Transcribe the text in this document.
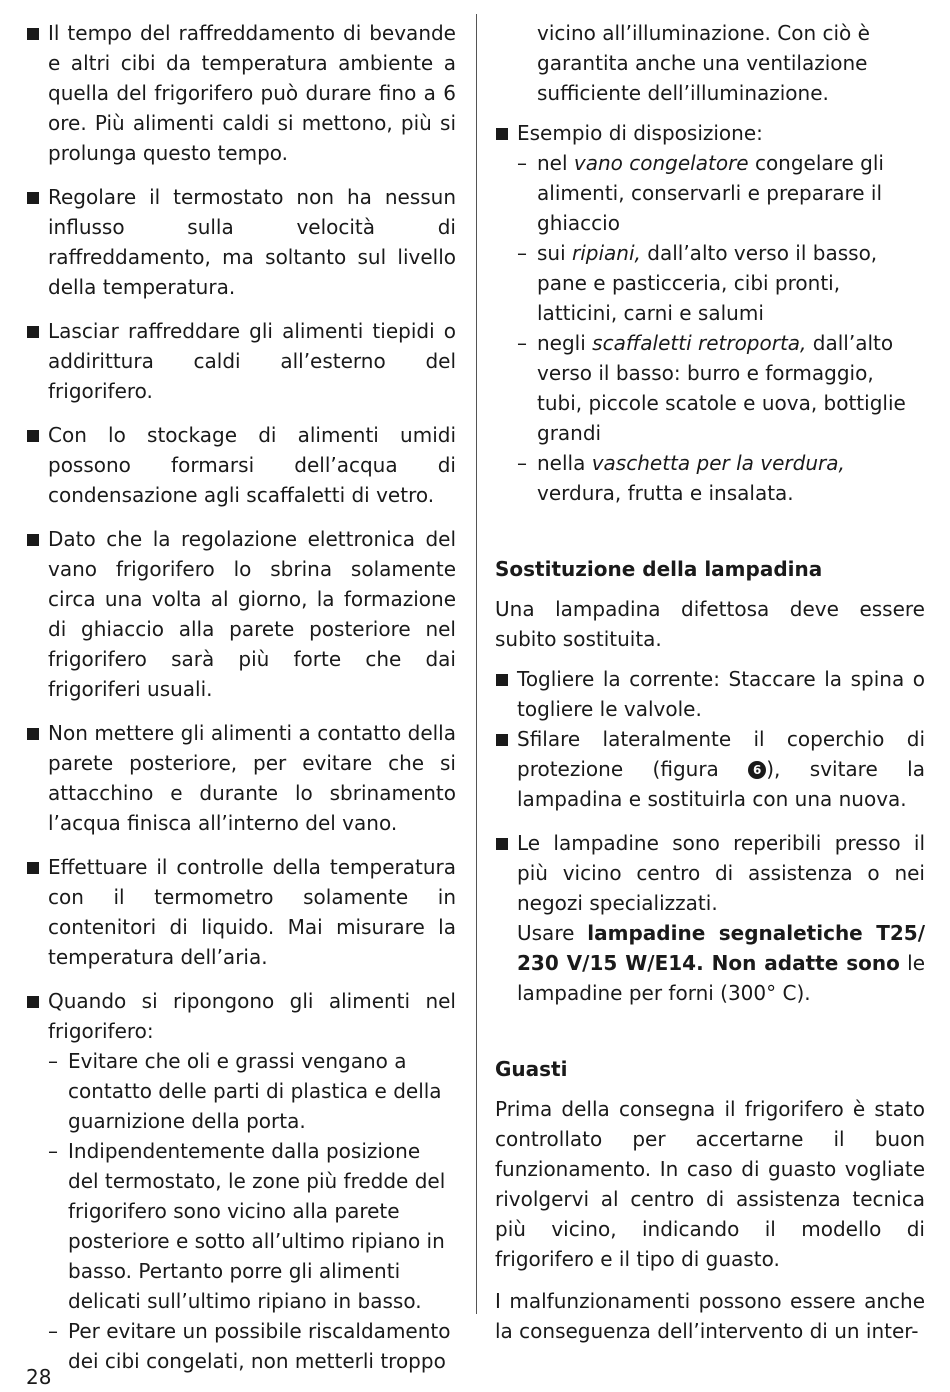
Il tempo del raffreddamento di bevande e altri cibi da temperatura ambiente a quella del frigorifero può durare fino a 6 ore. Più alimenti caldi si mettono, più si prolunga questo tempo.

Regolare il termostato non ha nessun influsso sulla velocità di raffreddamento, ma soltanto sul livello della temperatura.

Lasciar raffreddare gli alimenti tiepidi o addirittura caldi all’esterno del frigorifero.

Con lo stockage di alimenti umidi possono formarsi dell’acqua di condensazione agli scaffaletti di vetro.

Dato che la regolazione elettronica del vano frigorifero lo sbrina solamente circa una volta al giorno, la formazione di ghiaccio alla parete posteriore nel frigorifero sarà più forte che dai frigoriferi usuali.

Non mettere gli alimenti a contatto della parete posteriore, per evitare che si attacchino e durante lo sbrinamento l’acqua finisca all’interno del vano.

Effettuare il controlle della temperatura con il termometro solamente in contenitori di liquido. Mai misurare la temperatura dell’aria.

Quando si ripongono gli alimenti nel frigorifero:

– Evitare che oli e grassi vengano a contatto delle parti di plastica e della guarnizione della porta.

– Indipendentemente dalla posizione del termostato, le zone più fredde del frigorifero sono vicino alla parete posteriore e sotto all’ultimo ripiano in basso. Pertanto porre gli alimenti delicati sull’ultimo ripiano in basso.

– Per evitare un possibile riscaldamento dei cibi congelati, non metterli troppo

vicino all’illuminazione. Con ciò è garantita anche una ventilazione sufficiente dell’illuminazione.

Esempio di disposizione:

– nel vano congelatore congelare gli alimenti, conservarli e preparare il ghiaccio

– sui ripiani, dall’alto verso il basso, pane e pasticceria, cibi pronti, latticini, carni e salumi

– negli scaffaletti retroporta, dall’alto verso il basso: burro e formaggio, tubi, piccole scatole e uova, bottiglie grandi

– nella vaschetta per la verdura, verdura, frutta e insalata.

Sostituzione della lampadina

Una lampadina difettosa deve essere subito sostituita.

Togliere la corrente: Staccare la spina o togliere le valvole.

Sfilare lateralmente il coperchio di protezione (figura 6 ), svitare la lampadina e sostituirla con una nuova.

Le lampadine sono reperibili presso il più vicino centro di assistenza o nei negozi specializzati.

Usare lampadine segnaletiche T25/ 230 V/15 W/E14. Non adatte sono le lampadine per forni (300° C).

Guasti

Prima della consegna il frigorifero è stato controllato per accertarne il buon funzionamento. In caso di guasto vogliate rivolgervi al centro di assistenza tecnica più vicino, indicando il modello di frigorifero e il tipo di guasto.

I malfunzionamenti possono essere anche la conseguenza dell’intervento di un inter-

28
